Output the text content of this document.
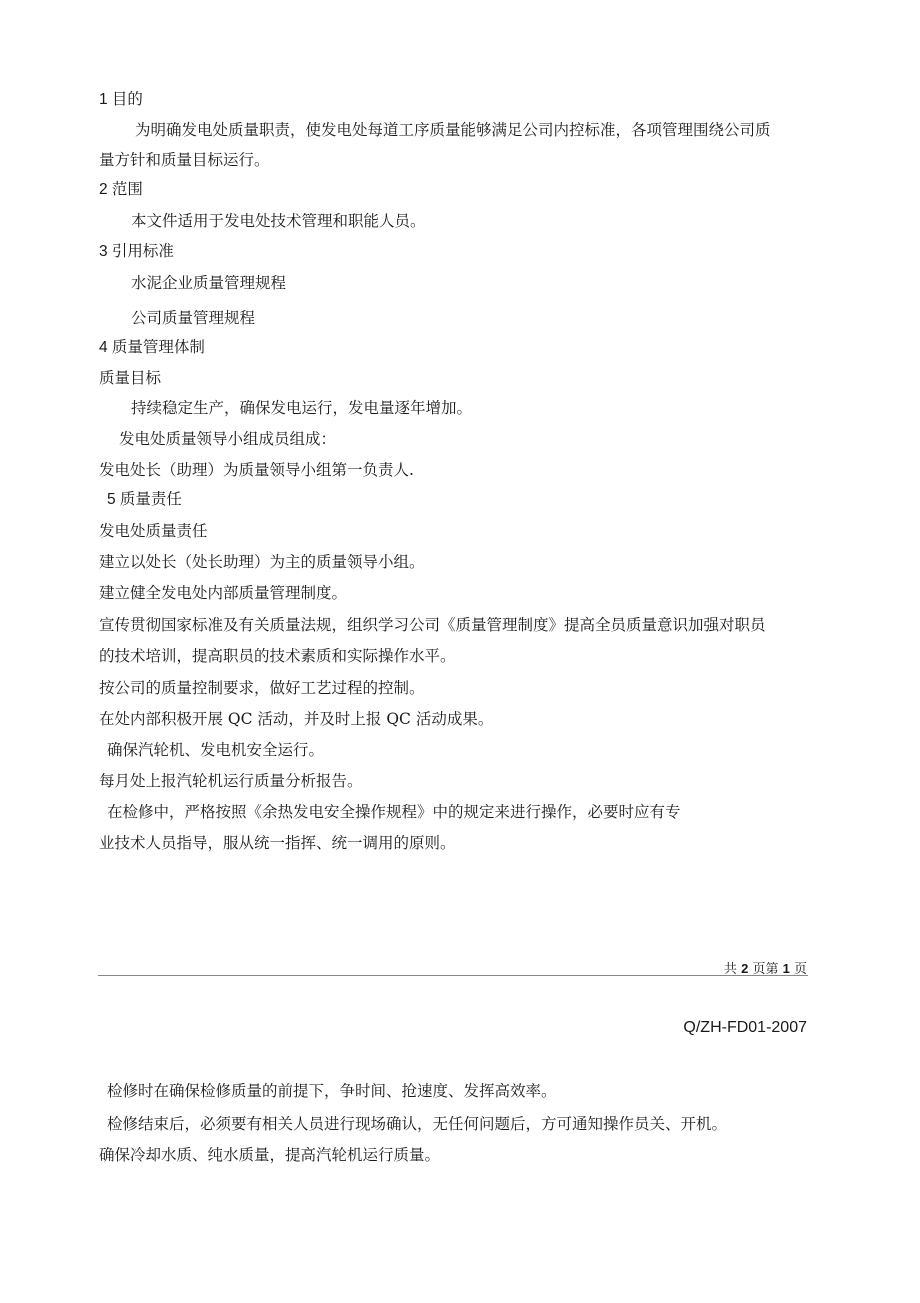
1 目的
为明确发电处质量职责，使发电处每道工序质量能够满足公司内控标准，各项管理围绕公司质
量方针和质量目标运行。
2 范围
本文件适用于发电处技术管理和职能人员。
3 引用标准
水泥企业质量管理规程
公司质量管理规程
4 质量管理体制
质量目标
持续稳定生产，确保发电运行，发电量逐年增加。
发电处质量领导小组成员组成：
发电处长（助理）为质量领导小组第一负责人.
5 质量责任
发电处质量责任
建立以处长（处长助理）为主的质量领导小组。
建立健全发电处内部质量管理制度。
宣传贯彻国家标准及有关质量法规，组织学习公司《质量管理制度》提高全员质量意识加强对职员
的技术培训，提高职员的技术素质和实际操作水平。
按公司的质量控制要求，做好工艺过程的控制。
在处内部积极开展 QC 活动，并及时上报 QC 活动成果。
确保汽轮机、发电机安全运行。
每月处上报汽轮机运行质量分析报告。
在检修中，严格按照《余热发电安全操作规程》中的规定来进行操作，必要时应有专
业技术人员指导，服从统一指挥、统一调用的原则。
共 2 页第 1 页
Q/ZH-FD01-2007
检修时在确保检修质量的前提下，争时间、抢速度、发挥高效率。
检修结束后，必须要有相关人员进行现场确认，无任何问题后，方可通知操作员关、开机。
确保冷却水质、纯水质量，提高汽轮机运行质量。
